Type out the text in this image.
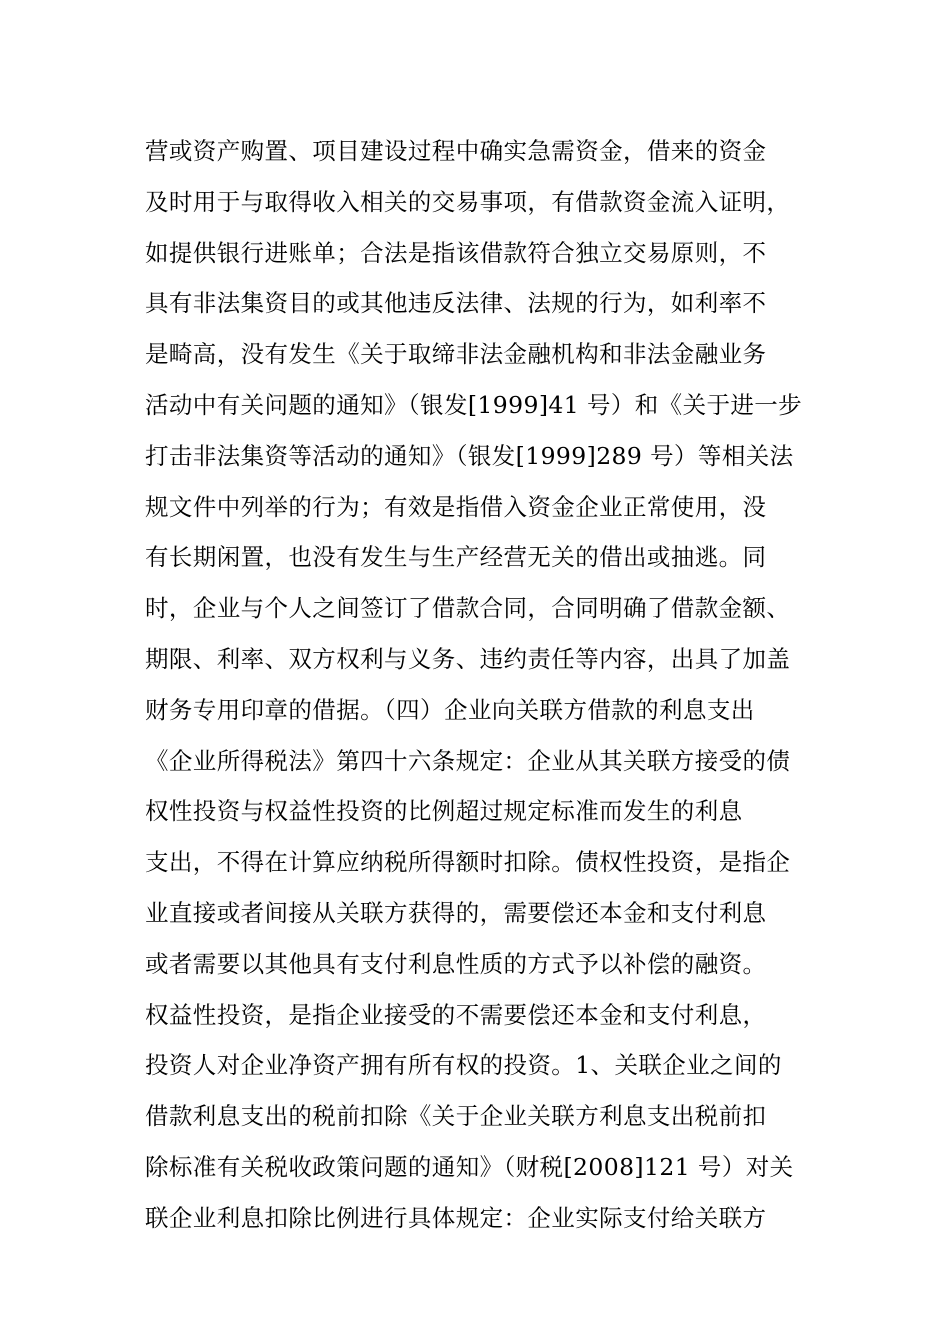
营或资产购置、项目建设过程中确实急需资金，借来的资金
及时用于与取得收入相关的交易事项，有借款资金流入证明，
如提供银行进账单；合法是指该借款符合独立交易原则，不
具有非法集资目的或其他违反法律、法规的行为，如利率不
是畸高，没有发生《关于取缔非法金融机构和非法金融业务
活动中有关问题的通知》（银发[1999]41 号）和《关于进一步
打击非法集资等活动的通知》（银发[1999]289 号）等相关法
规文件中列举的行为；有效是指借入资金企业正常使用，没
有长期闲置，也没有发生与生产经营无关的借出或抽逃。同
时，企业与个人之间签订了借款合同，合同明确了借款金额、
期限、利率、双方权利与义务、违约责任等内容，出具了加盖
财务专用印章的借据。（四）企业向关联方借款的利息支出
《企业所得税法》第四十六条规定：企业从其关联方接受的债
权性投资与权益性投资的比例超过规定标准而发生的利息
支出，不得在计算应纳税所得额时扣除。债权性投资，是指企
业直接或者间接从关联方获得的，需要偿还本金和支付利息
或者需要以其他具有支付利息性质的方式予以补偿的融资。
权益性投资，是指企业接受的不需要偿还本金和支付利息，
投资人对企业净资产拥有所有权的投资。1、关联企业之间的
借款利息支出的税前扣除《关于企业关联方利息支出税前扣
除标准有关税收政策问题的通知》（财税[2008]121 号）对关
联企业利息扣除比例进行具体规定：企业实际支付给关联方
